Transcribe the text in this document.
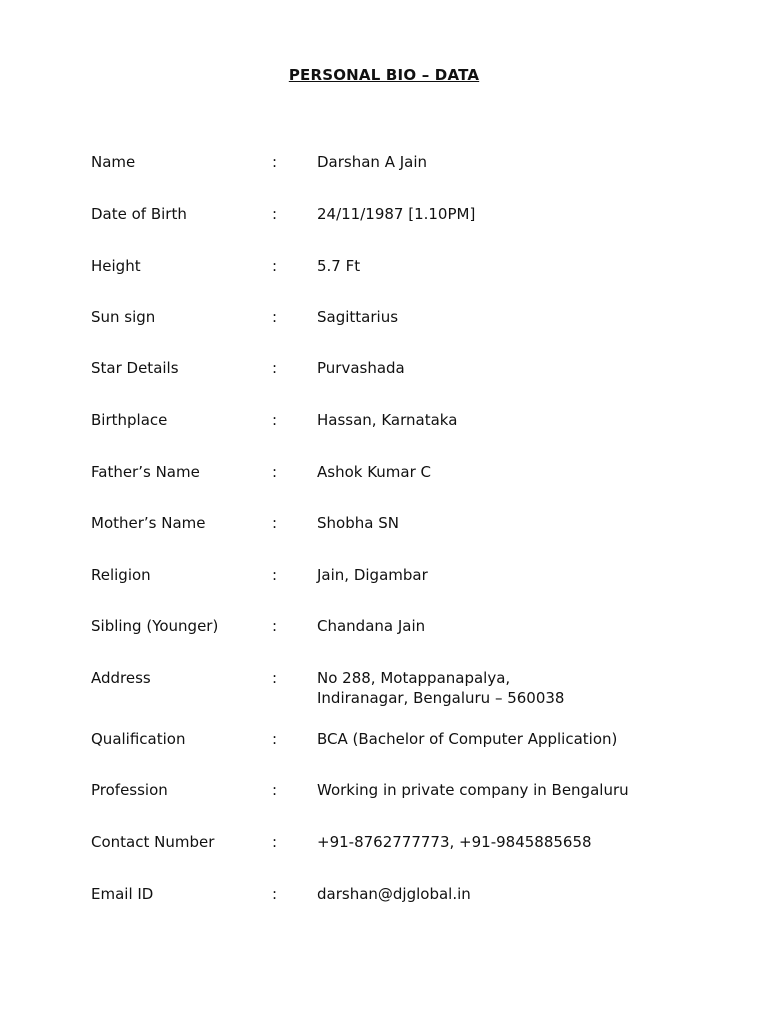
PERSONAL BIO – DATA
Name	:	Darshan A Jain
Date of Birth	:	24/11/1987 [1.10PM]
Height	:	5.7 Ft
Sun sign	:	Sagittarius
Star Details	:	Purvashada
Birthplace	:	Hassan, Karnataka
Father’s Name	:	Ashok Kumar C
Mother’s Name	:	Shobha SN
Religion	:	Jain, Digambar
Sibling (Younger)	:	Chandana Jain
Address	:	No 288, Motappanapalya,
Indiranagar, Bengaluru – 560038
Qualification	:	BCA (Bachelor of Computer Application)
Profession	:	Working in private company in Bengaluru
Contact Number	:	+91-8762777773, +91-9845885658
Email ID	:	darshan@djglobal.in
